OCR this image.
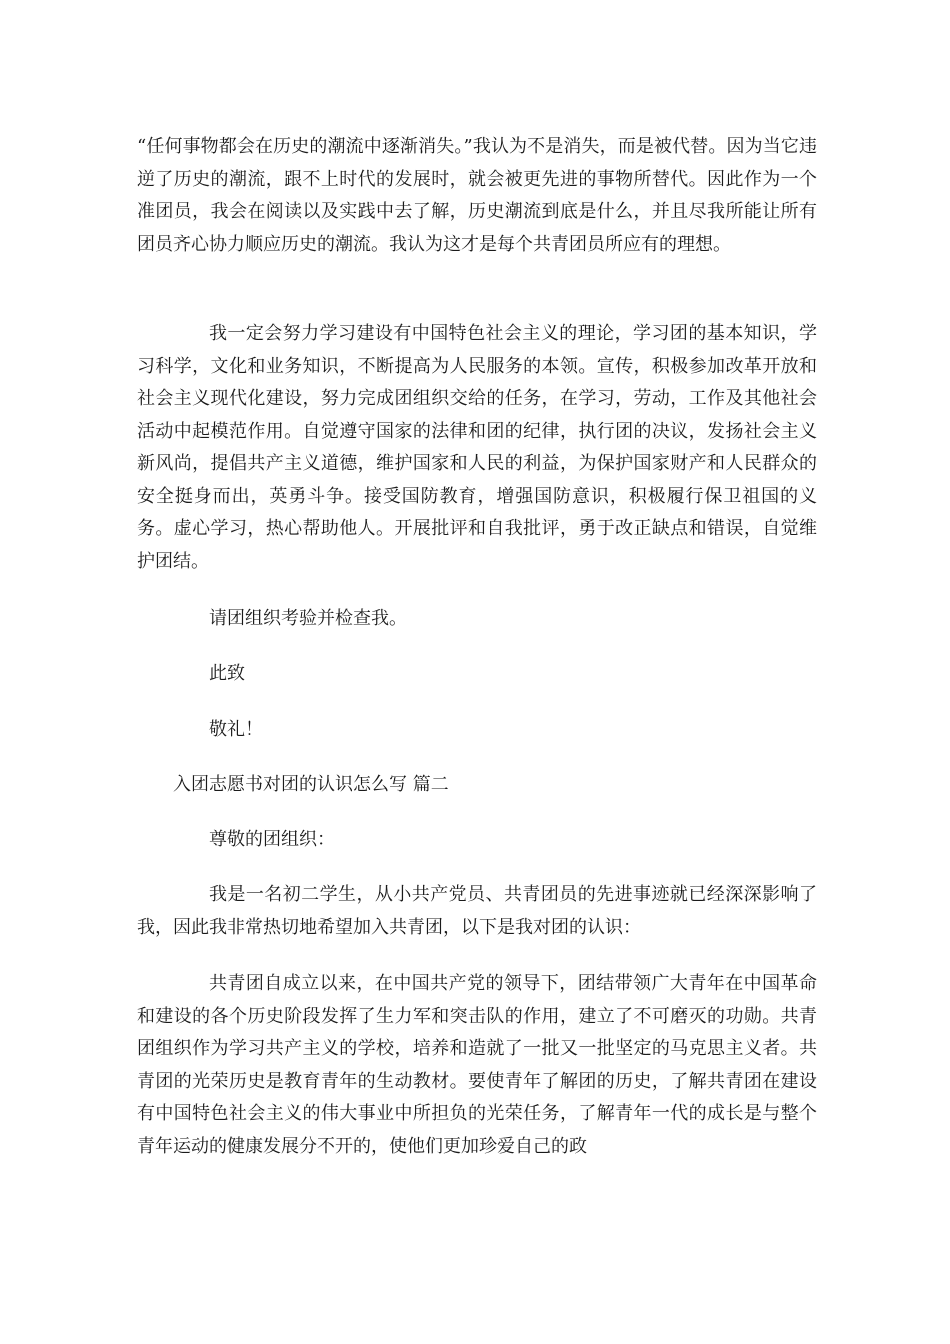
“任何事物都会在历史的潮流中逐渐消失。”我认为不是消失，而是被代替。因为当它违逆了历史的潮流，跟不上时代的发展时，就会被更先进的事物所替代。因此作为一个准团员，我会在阅读以及实践中去了解，历史潮流到底是什么，并且尽我所能让所有团员齐心协力顺应历史的潮流。我认为这才是每个共青团员所应有的理想。

我一定会努力学习建设有中国特色社会主义的理论，学习团的基本知识，学习科学，文化和业务知识，不断提高为人民服务的本领。宣传，积极参加改革开放和社会主义现代化建设，努力完成团组织交给的任务，在学习，劳动，工作及其他社会活动中起模范作用。自觉遵守国家的法律和团的纪律，执行团的决议，发扬社会主义新风尚，提倡共产主义道德，维护国家和人民的利益，为保护国家财产和人民群众的安全挺身而出，英勇斗争。接受国防教育，增强国防意识，积极履行保卫祖国的义务。虚心学习，热心帮助他人。开展批评和自我批评，勇于改正缺点和错误，自觉维护团结。

请团组织考验并检查我。

此致

敬礼！

入团志愿书对团的认识怎么写 篇二

尊敬的团组织：

我是一名初二学生，从小共产党员、共青团员的先进事迹就已经深深影响了我，因此我非常热切地希望加入共青团，以下是我对团的认识：

共青团自成立以来，在中国共产党的领导下，团结带领广大青年在中国革命和建设的各个历史阶段发挥了生力军和突击队的作用，建立了不可磨灭的功勋。共青团组织作为学习共产主义的学校，培养和造就了一批又一批坚定的马克思主义者。共青团的光荣历史是教育青年的生动教材。要使青年了解团的历史，了解共青团在建设有中国特色社会主义的伟大事业中所担负的光荣任务，了解青年一代的成长是与整个青年运动的健康发展分不开的，使他们更加珍爱自己的政
